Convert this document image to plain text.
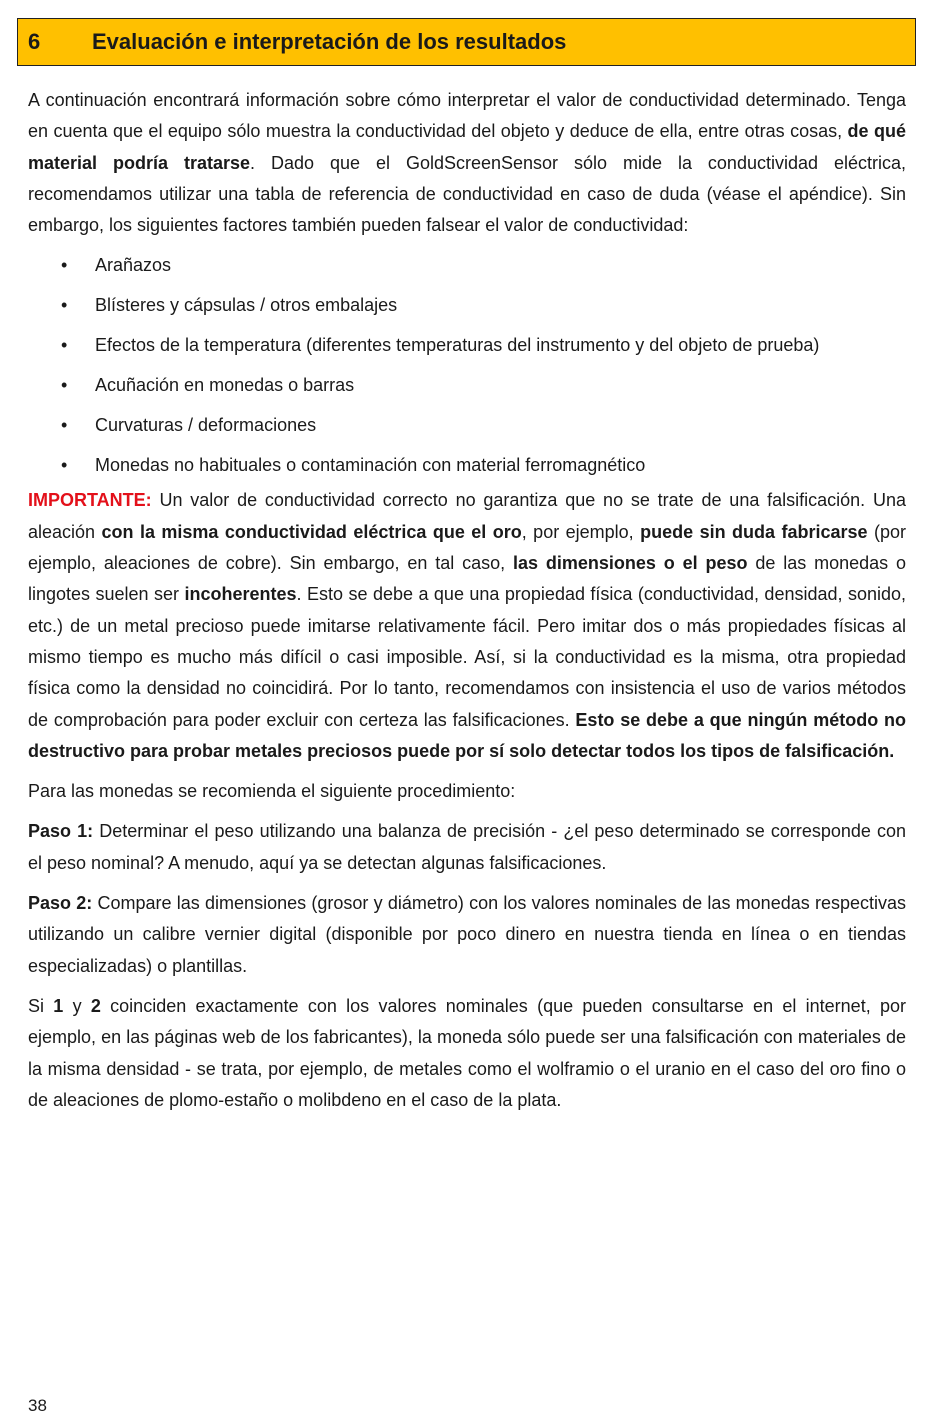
6	Evaluación e interpretación de los resultados

A continuación encontrará información sobre cómo interpretar el valor de conductividad determinado. Tenga en cuenta que el equipo sólo muestra la conductividad del objeto y deduce de ella, entre otras cosas, de qué material podría tratarse. Dado que el GoldScreenSensor sólo mide la conductividad eléctrica, recomendamos utilizar una tabla de referencia de conductividad en caso de duda (véase el apéndice). Sin embargo, los siguientes factores también pueden falsear el valor de conductividad:

• Arañazos
• Blísteres y cápsulas / otros embalajes
• Efectos de la temperatura (diferentes temperaturas del instrumento y del objeto de prueba)
• Acuñación en monedas o barras
• Curvaturas / deformaciones
• Monedas no habituales o contaminación con material ferromagnético

IMPORTANTE: Un valor de conductividad correcto no garantiza que no se trate de una falsificación. Una aleación con la misma conductividad eléctrica que el oro, por ejemplo, puede sin duda fabricarse (por ejemplo, aleaciones de cobre). Sin embargo, en tal caso, las dimensiones o el peso de las monedas o lingotes suelen ser incoherentes. Esto se debe a que una propiedad física (conductividad, densidad, sonido, etc.) de un metal precioso puede imitarse relativamente fácil. Pero imitar dos o más propiedades físicas al mismo tiempo es mucho más difícil o casi imposible. Así, si la conductividad es la misma, otra propiedad física como la densidad no coincidirá. Por lo tanto, recomendamos con insistencia el uso de varios métodos de comprobación para poder excluir con certeza las falsificaciones. Esto se debe a que ningún método no destructivo para probar metales preciosos puede por sí solo detectar todos los tipos de falsificación.

Para las monedas se recomienda el siguiente procedimiento:

Paso 1: Determinar el peso utilizando una balanza de precisión - ¿el peso determinado se corresponde con el peso nominal? A menudo, aquí ya se detectan algunas falsificaciones.

Paso 2: Compare las dimensiones (grosor y diámetro) con los valores nominales de las monedas respectivas utilizando un calibre vernier digital (disponible por poco dinero en nuestra tienda en línea o en tiendas especializadas) o plantillas.

Si 1 y 2 coinciden exactamente con los valores nominales (que pueden consultarse en el internet, por ejemplo, en las páginas web de los fabricantes), la moneda sólo puede ser una falsificación con materiales de la misma densidad - se trata, por ejemplo, de metales como el wolframio o el uranio en el caso del oro fino o de aleaciones de plomo-estaño o molibdeno en el caso de la plata.

38
